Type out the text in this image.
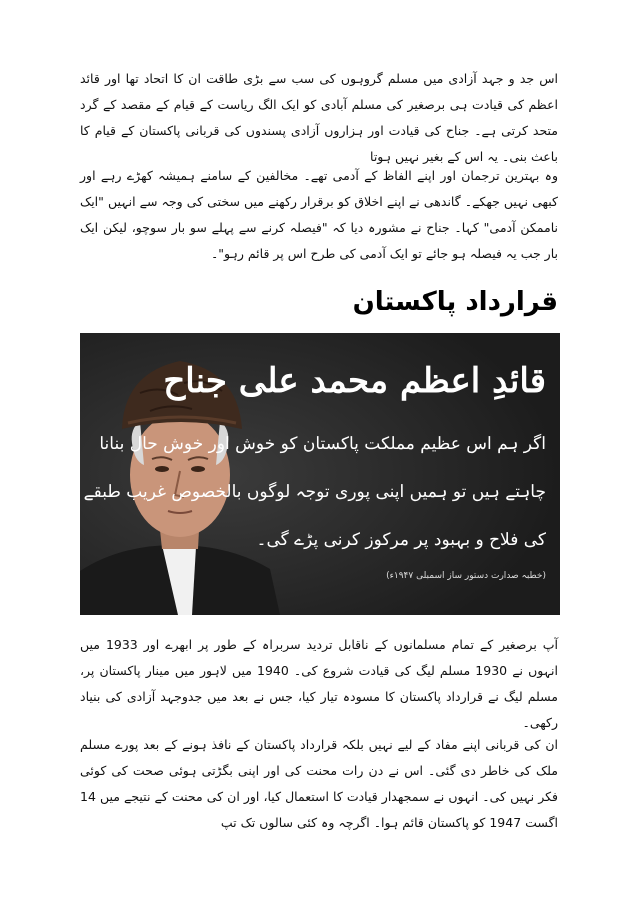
اس جد و جہد آزادی میں مسلم گروہوں کی سب سے بڑی طاقت ان کا اتحاد تھا اور قائد اعظم کی قیادت ہی برصغیر کی مسلم آبادی کو ایک الگ ریاست کے قیام کے مقصد کے گرد متحد کرتی ہے۔ جناح کی قیادت اور ہزاروں آزادی پسندوں کی قربانی پاکستان کے قیام کا باعث بنی۔ یہ اس کے بغیر نہیں ہوتا

وہ بہترین ترجمان اور اپنے الفاظ کے آدمی تھے۔ مخالفین کے سامنے ہمیشہ کھڑے رہے اور کبھی نہیں جھکے۔ گاندھی نے اپنے اخلاق کو برقرار رکھنے میں سختی کی وجہ سے انہیں "ایک ناممکن آدمی" کہا۔ جناح نے مشورہ دیا کہ "فیصلہ کرنے سے پہلے سو بار سوچو، لیکن ایک بار جب یہ فیصلہ ہو جائے تو ایک آدمی کی طرح اس پر قائم رہو"۔

قرارداد پاکستان
قائدِ اعظم محمد علی جناح
اگر ہم اس عظیم مملکت پاکستان کو خوش اور خوش حال بنانا
چاہتے ہیں تو ہمیں اپنی پوری توجہ لوگوں بالخصوص غریب طبقے
کی فلاح و بہبود پر مرکوز کرنی پڑے گی۔
(خطبہ صدارت دستور ساز اسمبلی ۱۹۴۷ء)

آپ برصغیر کے تمام مسلمانوں کے ناقابل تردید سربراہ کے طور پر ابھرے اور 1933 میں انہوں نے 1930 مسلم لیگ کی قیادت شروع کی۔ 1940 میں لاہور میں مینار پاکستان پر، مسلم لیگ نے قرارداد پاکستان کا مسودہ تیار کیا، جس نے بعد میں جدوجہد آزادی کی بنیاد رکھی۔

ان کی قربانی اپنے مفاد کے لیے نہیں بلکہ قرارداد پاکستان کے نافذ ہونے کے بعد پورے مسلم ملک کی خاطر دی گئی۔ اس نے دن رات محنت کی اور اپنی بگڑتی ہوئی صحت کی کوئی فکر نہیں کی۔ انہوں نے سمجھدار قیادت کا استعمال کیا، اور ان کی محنت کے نتیجے میں 14 اگست 1947 کو پاکستان قائم ہوا۔ اگرچہ وہ کئی سالوں تک تپ
